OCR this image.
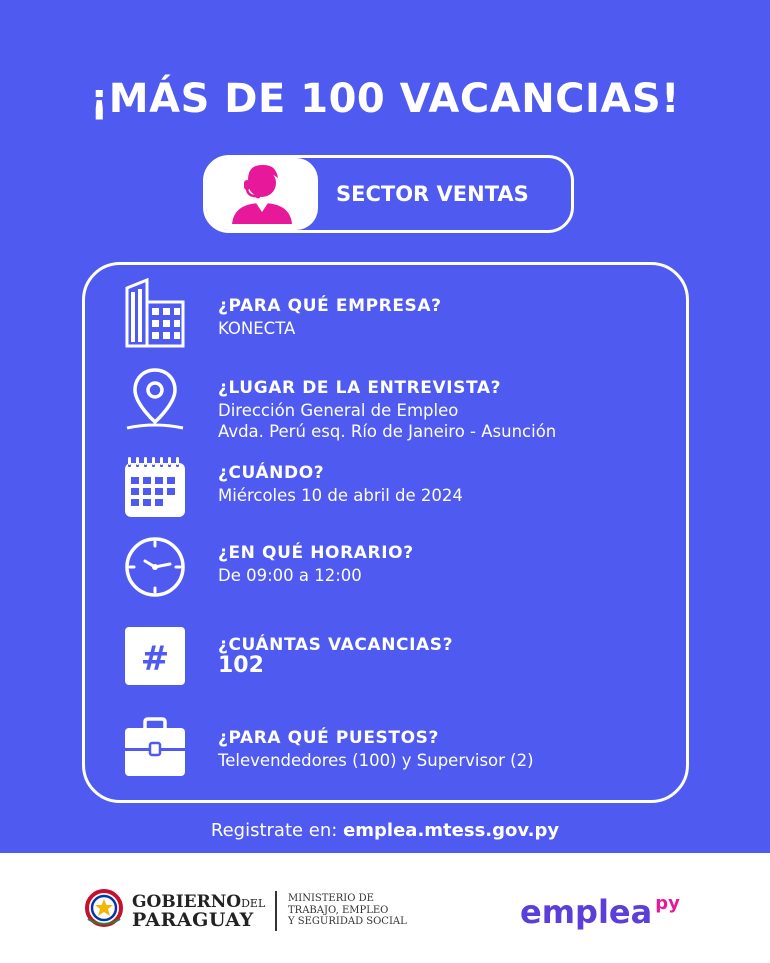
¡MÁS DE 100 VACANCIAS!
SECTOR VENTAS
¿PARA QUÉ EMPRESA?
KONECTA
¿LUGAR DE LA ENTREVISTA?
Dirección General de Empleo
Avda. Perú esq. Río de Janeiro - Asunción
¿CUÁNDO?
Miércoles 10 de abril de 2024
¿EN QUÉ HORARIO?
De 09:00 a 12:00
#	¿CUÁNTAS VACANCIAS?
102
¿PARA QUÉ PUESTOS?
Televendedores (100) y Supervisor (2)
Registrate en: emplea.mtess.gov.py
GOBIERNODEL
PARAGUAY
MINISTERIO DE
TRABAJO, EMPLEO
Y SEGURIDAD SOCIAL	emplea $^{py}$
